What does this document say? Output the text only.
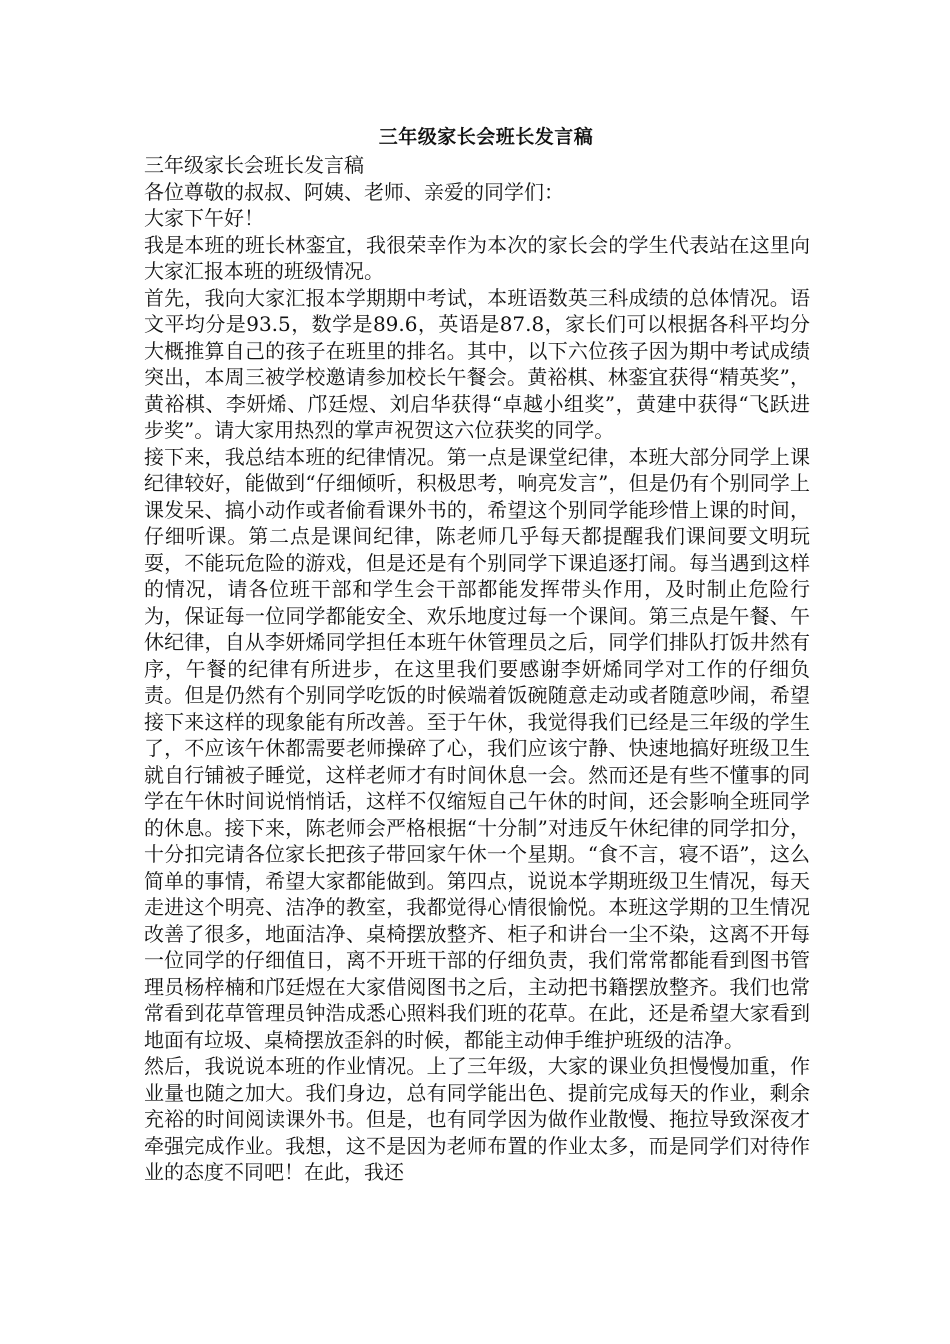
三年级家长会班长发言稿

三年级家长会班长发言稿

各位尊敬的叔叔、阿姨、老师、亲爱的同学们：

大家下午好！

我是本班的班长林銮宜，我很荣幸作为本次的家长会的学生代表站在这里向大家汇报本班的班级情况。

首先，我向大家汇报本学期期中考试，本班语数英三科成绩的总体情况。语文平均分是93.5，数学是89.6，英语是87.8，家长们可以根据各科平均分大概推算自己的孩子在班里的排名。其中，以下六位孩子因为期中考试成绩突出，本周三被学校邀请参加校长午餐会。黄裕棋、林銮宜获得“精英奖”，黄裕棋、李妍烯、邝廷煜、刘启华获得“卓越小组奖”，黄建中获得“飞跃进步奖”。请大家用热烈的掌声祝贺这六位获奖的同学。

接下来，我总结本班的纪律情况。第一点是课堂纪律，本班大部分同学上课纪律较好，能做到“仔细倾听，积极思考，响亮发言”，但是仍有个别同学上课发呆、搞小动作或者偷看课外书的，希望这个别同学能珍惜上课的时间，仔细听课。第二点是课间纪律，陈老师几乎每天都提醒我们课间要文明玩耍，不能玩危险的游戏，但是还是有个别同学下课追逐打闹。每当遇到这样的情况，请各位班干部和学生会干部都能发挥带头作用，及时制止危险行为，保证每一位同学都能安全、欢乐地度过每一个课间。第三点是午餐、午休纪律，自从李妍烯同学担任本班午休管理员之后，同学们排队打饭井然有序，午餐的纪律有所进步，在这里我们要感谢李妍烯同学对工作的仔细负责。但是仍然有个别同学吃饭的时候端着饭碗随意走动或者随意吵闹，希望接下来这样的现象能有所改善。至于午休，我觉得我们已经是三年级的学生了，不应该午休都需要老师操碎了心，我们应该宁静、快速地搞好班级卫生就自行铺被子睡觉，这样老师才有时间休息一会。然而还是有些不懂事的同学在午休时间说悄悄话，这样不仅缩短自己午休的时间，还会影响全班同学的休息。接下来，陈老师会严格根据“十分制”对违反午休纪律的同学扣分，十分扣完请各位家长把孩子带回家午休一个星期。“食不言，寝不语”，这么简单的事情，希望大家都能做到。第四点，说说本学期班级卫生情况，每天走进这个明亮、洁净的教室，我都觉得心情很愉悦。本班这学期的卫生情况改善了很多，地面洁净、桌椅摆放整齐、柜子和讲台一尘不染，这离不开每一位同学的仔细值日，离不开班干部的仔细负责，我们常常都能看到图书管理员杨梓楠和邝廷煜在大家借阅图书之后，主动把书籍摆放整齐。我们也常常看到花草管理员钟浩成悉心照料我们班的花草。在此，还是希望大家看到地面有垃圾、桌椅摆放歪斜的时候，都能主动伸手维护班级的洁净。

然后，我说说本班的作业情况。上了三年级，大家的课业负担慢慢加重，作业量也随之加大。我们身边，总有同学能出色、提前完成每天的作业，剩余充裕的时间阅读课外书。但是，也有同学因为做作业散慢、拖拉导致深夜才牵强完成作业。我想，这不是因为老师布置的作业太多，而是同学们对待作业的态度不同吧！在此，我还
